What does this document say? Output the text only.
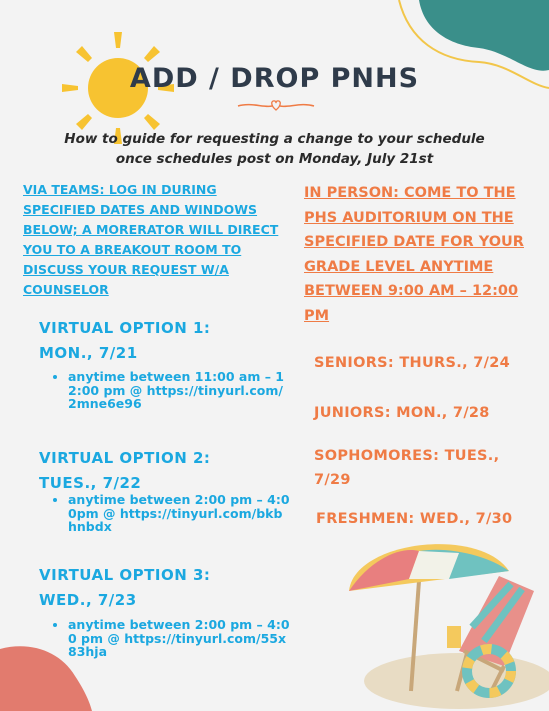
ADD / DROP PNHS
How to guide for requesting a change to your schedule
once schedules post on Monday, July 21st
VIA TEAMS: LOG IN DURING SPECIFIED DATES AND WINDOWS BELOW; A MORERATOR WILL DIRECT YOU TO A BREAKOUT ROOM TO DISCUSS YOUR REQUEST W/A COUNSELOR
IN PERSON: COME TO THE PHS AUDITORIUM ON THE SPECIFIED DATE FOR YOUR GRADE LEVEL ANYTIME BETWEEN 9:00 AM – 12:00 PM
VIRTUAL OPTION 1:
MON., 7/21
• anytime between 11:00 am – 12:00 pm @ https://tinyurl.com/2mne6e96
VIRTUAL OPTION 2:
TUES., 7/22
• anytime between 2:00 pm – 4:00pm @ https://tinyurl.com/bkbhnbdx
VIRTUAL OPTION 3:
WED., 7/23
• anytime between 2:00 pm – 4:00 pm @ https://tinyurl.com/55x83hja
SENIORS: THURS., 7/24
JUNIORS: MON., 7/28
SOPHOMORES: TUES., 7/29
FRESHMEN: WED., 7/30
